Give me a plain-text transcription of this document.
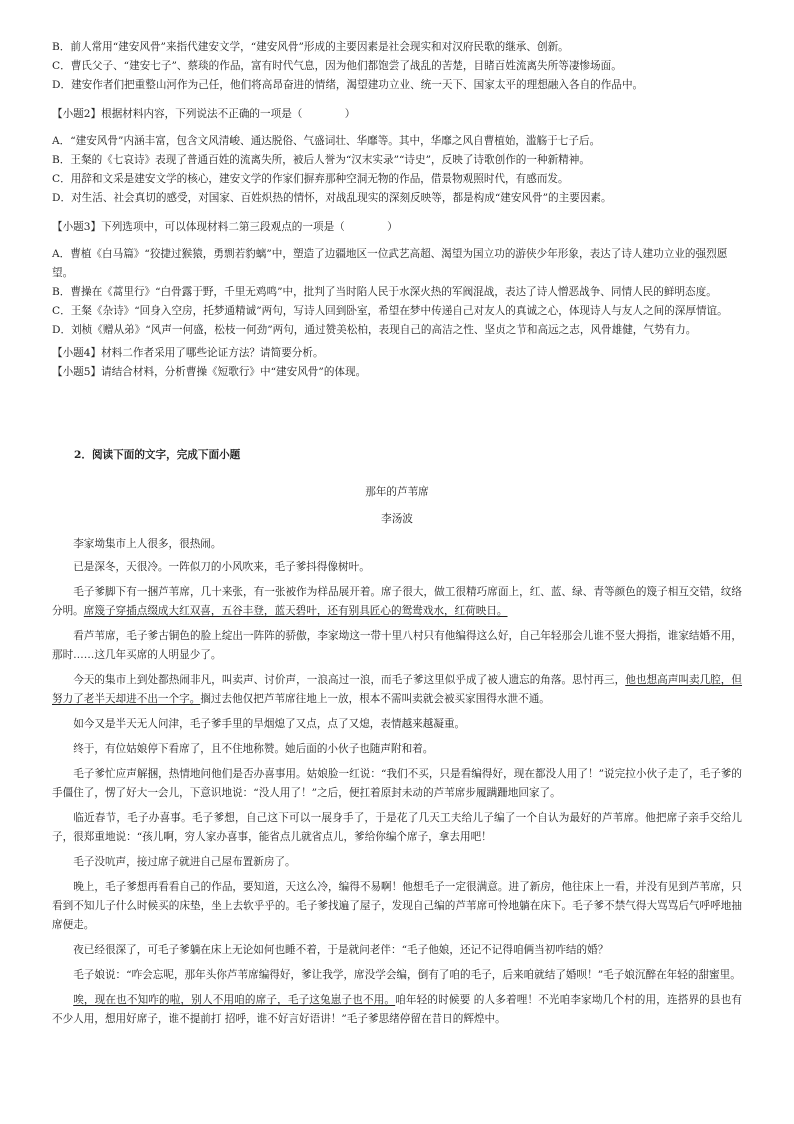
B．前人常用“建安风骨”来指代建安文学，“建安风骨”形成的主要因素是社会现实和对汉府民歌的继承、创新。

C．曹氏父子、“建安七子”、蔡琰的作品，富有时代气息，因为他们都饱尝了战乱的苦楚，目睹百姓流离失所等凄惨场面。

D．建安作者们把重整山河作为己任，他们将高昂奋进的情绪，渴望建功立业、统一天下、国家太平的理想融入各自的作品中。

【小题2】根据材料内容，下列说法不正确的一项是（　　　　）

A．“建安风骨”内涵丰富，包含文风清峻、通达脱俗、气盛词壮、华靡等。其中，华靡之风自曹植始，滥觞于七子后。

B．王粲的《七哀诗》表现了普通百姓的流离失所，被后人誉为“汉末实录”“诗史”，反映了诗歌创作的一种新精神。

C．用辞和文采是建安文学的核心，建安文学的作家们摒弃那种空洞无物的作品，借景物观照时代，有感而发。

D．对生活、社会真切的感受，对国家、百姓炽热的情怀，对战乱现实的深刻反映等，都是构成“建安风骨”的主要因素。

【小题3】下列选项中，可以体现材料二第三段观点的一项是（　　　　）

A．曹植《白马篇》“狡捷过猴猿，勇剽若豹螭”中，塑造了边疆地区一位武艺高超、渴望为国立功的游侠少年形象，表达了诗人建功立业的强烈愿望。

B．曹操在《蒿里行》“白骨露于野，千里无鸡鸣”中，批判了当时陷人民于水深火热的军阀混战，表达了诗人憎恶战争、同情人民的鲜明态度。

C．王粲《杂诗》“回身入空房，托梦通精诚”两句，写诗人回到卧室，希望在梦中传递自己对友人的真诚之心，体现诗人与友人之间的深厚情谊。

D．刘桢《赠从弟》“风声一何盛，松枝一何劲”两句，通过赞美松柏，表现自己的高洁之性、坚贞之节和高远之志，风骨雄健，气势有力。

【小题4】材料二作者采用了哪些论证方法？请简要分析。

【小题5】请结合材料，分析曹操《短歌行》中“建安风骨”的体现。

2．阅读下面的文字，完成下面小题

那年的芦苇席

李汤波

李家坳集市上人很多，很热闹。

已是深冬，天很冷。一阵似刀的小风吹来，毛子爹抖得像树叶。

毛子爹脚下有一捆芦苇席，几十来张，有一张被作为样品展开着。席子很大，做工很精巧席面上，红、蓝、绿、青等颜色的篾子相互交错，纹络分明。席篾子穿插点缀成大红双喜，五谷丰登，蓝天碧叶，还有别具匠心的鸳鸯戏水，红荷映日。

看芦苇席，毛子爹古铜色的脸上绽出一阵阵的骄傲，李家坳这一带十里八村只有他编得这么好，自己年轻那会儿谁不竖大拇指，谁家结婚不用，那时……这几年买席的人明显少了。

今天的集市上到处都热闹非凡，叫卖声、讨价声，一浪高过一浪，而毛子爹这里似乎成了被人遗忘的角落。思忖再三，他也想高声叫卖几腔，但努力了老半天却进不出一个字。搁过去他仅把芦苇席往地上一放，根本不需叫卖就会被买家围得水泄不通。

如今又是半天无人问津，毛子爹手里的旱烟熄了又点，点了又熄，表情越来越凝重。

终于，有位姑娘停下看席了，且不住地称赞。她后面的小伙子也随声附和着。

毛子爹忙应声解捆，热情地问他们是否办喜事用。姑娘脸一红说：“我们不买，只是看编得好，现在都没人用了！”说完拉小伙子走了，毛子爹的手僵住了，愣了好大一会儿，下意识地说：“没人用了！”之后，便扛着原封未动的芦苇席步履蹒跚地回家了。

临近春节，毛子办喜事。毛子爹想，自己这下可以一展身手了，于是花了几天工夫给儿子编了一个自认为最好的芦苇席。他把席子亲手交给儿子，很郑重地说：“孩儿啊，穷人家办喜事，能省点儿就省点儿，爹给你编个席子，拿去用吧！

毛子没吭声，接过席子就进自己屋布置新房了。

晚上，毛子爹想再看看自己的作品，要知道，天这么冷，编得不易啊！他想毛子一定很满意。进了新房，他往床上一看，并没有见到芦苇席，只看到不知儿子什么时候买的床垫，坐上去软乎乎的。毛子爹找遍了屋子，发现自己编的芦苇席可怜地躺在床下。毛子爹不禁气得大骂骂后气呼呼地抽席便走。

夜已经很深了，可毛子爹躺在床上无论如何也睡不着，于是就问老伴：“毛子他娘，还记不记得咱俩当初咋结的婚？

毛子娘说：“咋会忘呢，那年头你芦苇席编得好，爹让我学，席没学会编，倒有了咱的毛子，后来咱就结了婚呗！”毛子娘沉醉在年轻的甜蜜里。

唉，现在也不知咋的啦，别人不用咱的席子，毛子这兔崽子也不用。咱年轻的时候要 的人多着哩！不光咱李家坳几个村的用，连搭界的县也有不少人用，想用好席子，谁不提前打 招呼，谁不好言好语讲！”毛子爹思绪停留在昔日的辉煌中。
